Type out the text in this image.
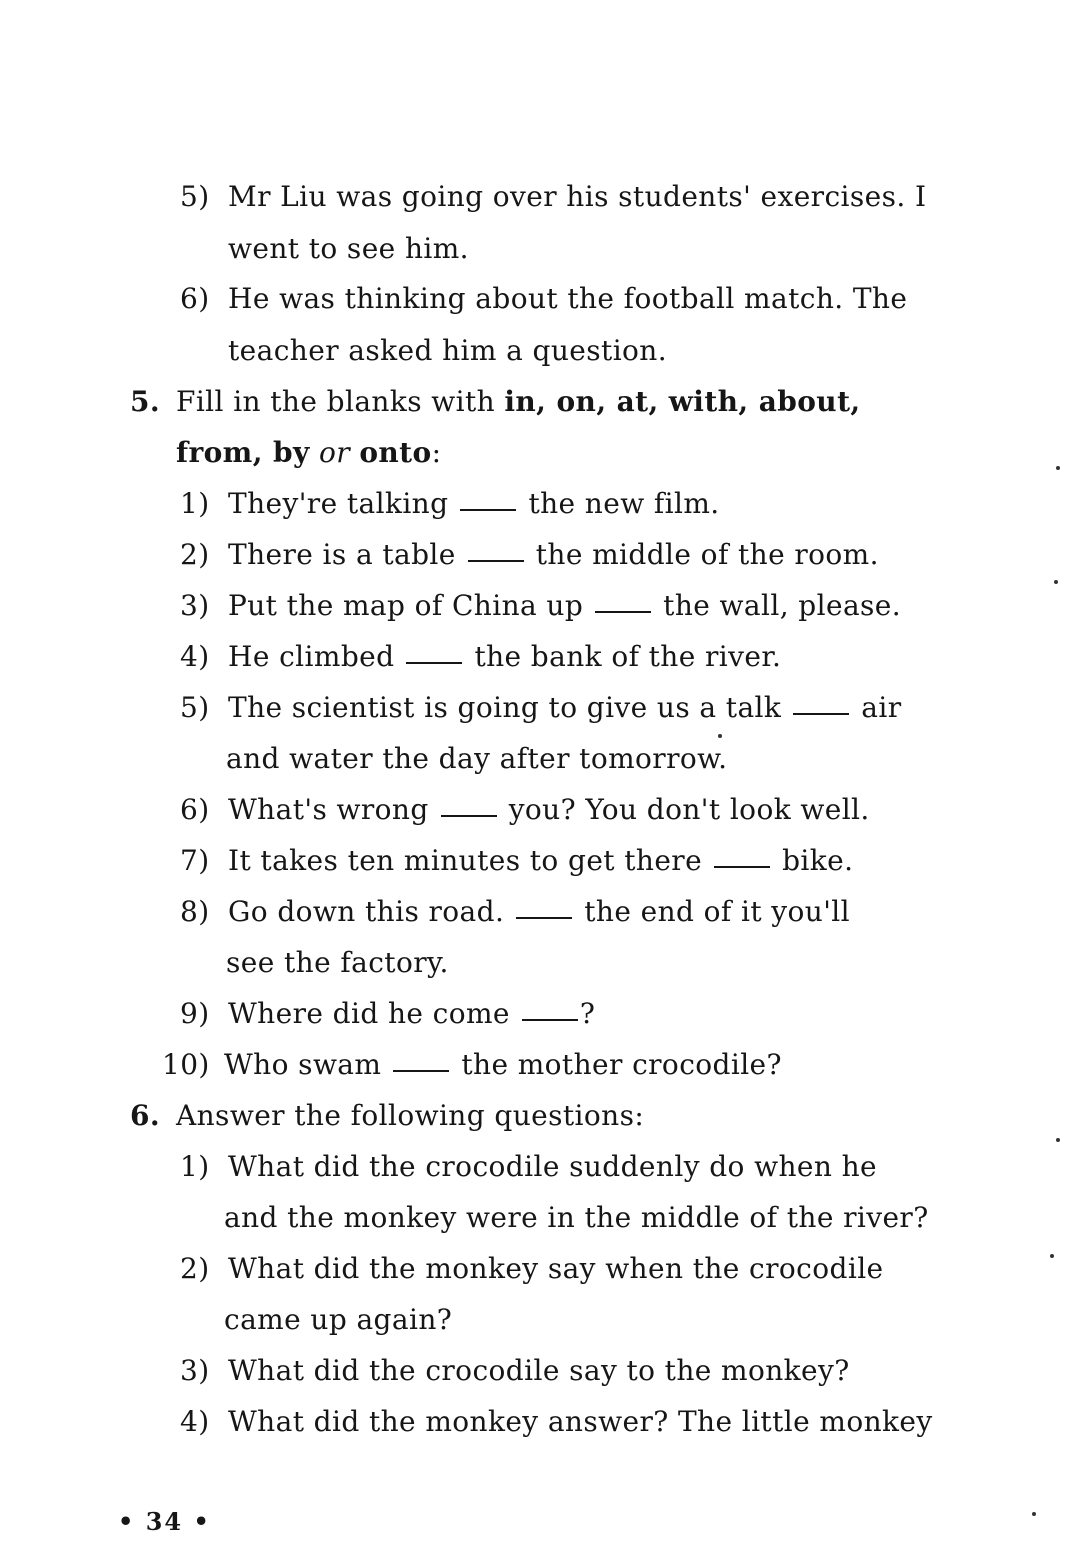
5) Mr Liu was going over his students' exercises. I
went to see him.
6) He was thinking about the football match. The
teacher asked him a question.
5. Fill in the blanks with in, on, at, with, about,
from, by or onto :
1) They're talking	the new film.
2) There is a table	the middle of the room.
3) Put the map of China up	the wall, please.
4) He climbed	the bank of the river.
5) The scientist is going to give us a talk	air
and water the day after tomorrow.
6) What's wrong	you? You don't look well.
7) It takes ten minutes to get there	bike.
8) Go down this road.	the end of it you'll
see the factory.
9) Where did he come	?
10) Who swam	the mother crocodile?
6. Answer the following questions:
1) What did the crocodile suddenly do when he
and the monkey were in the middle of the river?
2) What did the monkey say when the crocodile
came up again?
3) What did the crocodile say to the monkey?
4) What did the monkey answer? The little monkey
• 34 •
